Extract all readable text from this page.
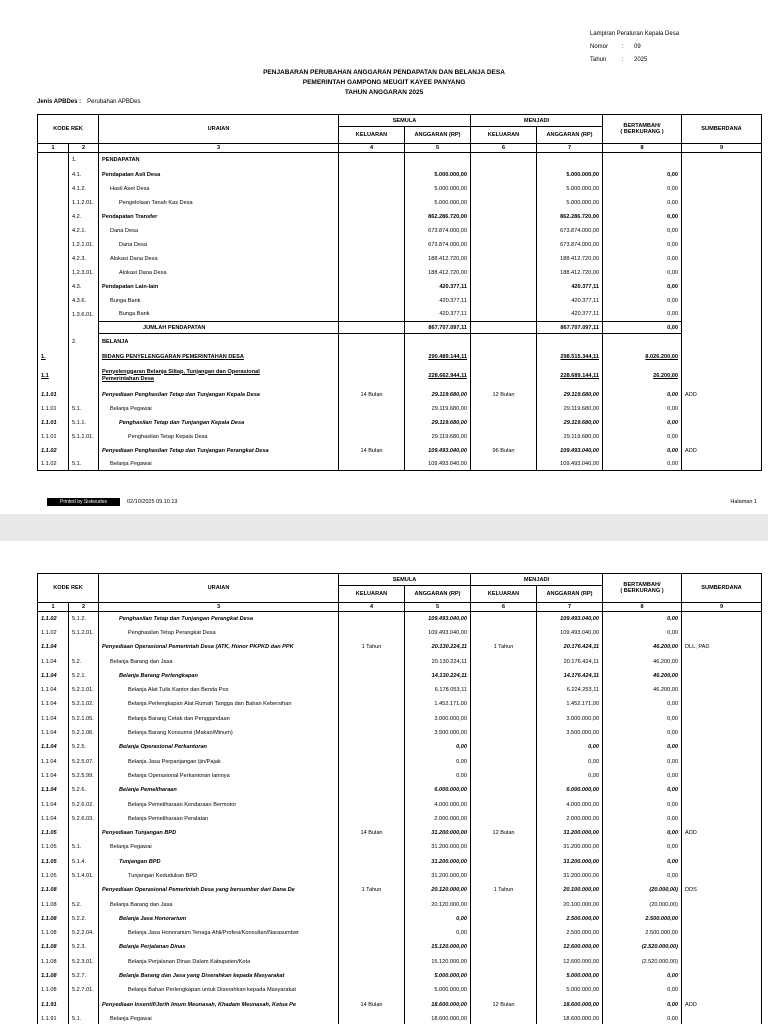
Lampiran Peraturan Kepala Desa
Nomor : 09
Tahun	: 2025
PENJABARAN PERUBAHAN ANGGARAN PENDAPATAN DAN BELANJA DESA
PEMERINTAH GAMPONG MEUGIT KAYEE PANYANG
TAHUN ANGGARAN 2025
Jenis APBDes : Perubahan APBDes
KODE REK		URAIAN	SEMULA		MENJADI		BERTAMBAH/
( BERKURANG )	SUMBERDANA
			KELUARAN	ANGGARAN (RP)	KELUARAN	ANGGARAN (RP)		
1	2	3	4	5	6	7	8	9
	1.	PENDAPATAN						

	4.1.	Pendapatan Asli Desa		5.000.000,00		5.000.000,00	0,00	
	4.1.2.	Hasil Aset Desa		5.000.000,00		5.000.000,00	0,00	
	1.1.2.01.	Pengelolaan Tanah Kas Desa		5.000.000,00		5.000.000,00	0,00	
	4.2.	Pendapatan Transfer		862.286.720,00		862.286.720,00	0,00	
	4.2.1.	Dana Desa		673.874.000,00		673.874.000,00	0,00	
	1.2.1.01.	Dana Desa		673.874.000,00		673.874.000,00	0,00	
	4.2.3.	Alokasi Dana Desa		188.412.720,00		188.412.720,00	0,00	
	1.2.3.01.	Alokasi Dana Desa		188.412.720,00		188.412.720,00	0,00	
	4.3.	Pendapatan Lain-lain		420.377,11		420.377,11	0,00	
	4.3.6.	Bunga Bank		420.377,11		420.377,11	0,00	
	1.3.6.01.	Bunga Bank		420.377,11		420.377,11	0,00	

		JUMLAH PENDAPATAN		867.707.097,11		867.707.097,11	0,00	
	2.	BELANJA						

1.		BIDANG PENYELENGGARAN PEMERINTAHAN DESA		290.489.144,11		298.515.344,11	8.026.200,00	
1.1		Penyelenggaran Belanja Siltap, Tunjangan dan Operasional
Pemerintahan Desa		228.662.944,11		228.689.144,11	26.200,00	
1.1.01		Penyediaan Penghasilan Tetap dan Tunjangan Kepala Desa	14 Bulan	29.119.680,00	12 Bulan	29.119.680,00	0,00	ADD
1.1.01	5.1.	Belanja Pegawai		29.119.680,00		29.119.680,00	0,00	
1.1.01	5.1.1.	Penghasilan Tetap dan Tunjangan Kepala Desa		29.119.680,00		29.119.680,00	0,00	
1.1.01	5.1.1.01.	Penghasilan Tetap Kepala Desa		29.119.680,00		29.119.680,00	0,00	
1.1.02		Penyediaan Penghasilan Tetap dan Tunjangan Perangkat Desa	14 Bulan	109.493.040,00	96 Bulan	109.493.040,00	0,00	ADD
1.1.02	5.1.	Belanja Pegawai		109.493.040,00		109.493.040,00	0,00	
Printed by Siskeudes	02/10/2025 09.10.13	Halaman 1
KODE REK		URAIAN	SEMULA		MENJADI		BERTAMBAH/
( BERKURANG )	SUMBERDANA
			KELUARAN	ANGGARAN (RP)	KELUARAN	ANGGARAN (RP)		
1	2	3	4	5	6	7	8	9
1.1.02	5.1.2.	Penghasilan Tetap dan Tunjangan Perangkat Desa		109.493.040,00		109.493.040,00	0,00	
1.1.02	5.1.2.01.	Penghasilan Tetap Perangkat Desa		109.493.040,00		109.493.040,00	0,00	
1.1.04		Penyediaan Operasional Pemerintah Desa (ATK, Honor PKPKD dan PPK	1 Tahun	20.130.224,11	1 Tahun	20.176.424,11	46.200,00	DLL, PAD
1.1.04	5.2.	Belanja Barang dan Jasa		20.130.224,11		20.176.424,11	46.200,00	
1.1.04	5.2.1.	Belanja Barang Perlengkapan		14.130.224,11		14.176.424,11	46.200,00	
1.1.04	5.2.1.01.	Belanja Alat Tulis Kantor dan Benda Pos		6.178.053,11		6.224.253,11	46.200,00	
1.1.04	5.2.1.02.	Belanja Perlengkapan Alat Rumah Tangga dan Bahan Kebersihan		1.452.171,00		1.452.171,00	0,00	
1.1.04	5.2.1.05.	Belanja Barang Cetak dan Penggandaan		3.000.000,00		3.000.000,00	0,00	
1.1.04	5.2.1.06.	Belanja Barang Konsumsi (Makan/Minum)		3.500.000,00		3.500.000,00	0,00	
1.1.04	5.2.5.	Belanja Operasional Perkantoran		0,00		0,00	0,00	
1.1.04	5.2.5.07.	Belanja Jasa Perpanjangan Ijin/Pajak		0,00		0,00	0,00	
1.1.04	5.2.5.99.	Belanja Operasional Perkantoran lainnya		0,00		0,00	0,00	
1.1.04	5.2.6.	Belanja Pemeliharaan		6.000.000,00		6.000.000,00	0,00	
1.1.04	5.2.6.02.	Belanja Pemeliharaan Kendaraan Bermotor		4.000.000,00		4.000.000,00	0,00	
1.1.04	5.2.6.03.	Belanja Pemeliharaan Peralatan		2.000.000,00		2.000.000,00	0,00	
1.1.05		Penyediaan Tunjangan BPD	14 Bulan	31.200.000,00	12 Bulan	31.200.000,00	0,00	ADD
1.1.05	5.1.	Belanja Pegawai		31.200.000,00		31.200.000,00	0,00	
1.1.05	5.1.4.	Tunjangan BPD		31.200.000,00		31.200.000,00	0,00	
1.1.05	5.1.4.01.	Tunjangan Kedudukan BPD		31.200.000,00		31.200.000,00	0,00	
1.1.08		Penyediaan Operasional Pemerintah Desa yang bersumber dari Dana De	1 Tahun	20.120.000,00	1 Tahun	20.100.000,00	(20.000,00)	DDS
1.1.08	5.2.	Belanja Barang dan Jasa		20.120.000,00		20.100.000,00	(20.000,00)	
1.1.08	5.2.2.	Belanja Jasa Honorarium		0,00		2.500.000,00	2.500.000,00	
1.1.08	5.2.2.04.	Belanja Jasa Honorarium Tenaga Ahli/Profesi/Konsultan/Narasumber		0,00		2.500.000,00	2.500.000,00	
1.1.08	5.2.3.	Belanja Perjalanan Dinas		15.120.000,00		12.600.000,00	(2.520.000,00)	
1.1.08	5.2.3.01.	Belanja Perjalanan Dinas Dalam Kabupaten/Kota		15.120.000,00		12.600.000,00	(2.520.000,00)	
1.1.08	5.2.7.	Belanja Barang dan Jasa yang Diserahkan kepada Masyarakat		5.000.000,00		5.000.000,00	0,00	
1.1.08	5.2.7.01.	Belanja Bahan Perlengkapan untuk Diserahkan kepada Masyarakat		5.000.000,00		5.000.000,00	0,00	
1.1.91		Penyediaan Insentif/Jerih Imum Meunasah, Khadam Meunasah, Ketua Pe	14 Bulan	18.600.000,00	12 Bulan	18.600.000,00	0,00	ADD
1.1.91	5.1.	Belanja Pegawai		18.600.000,00		18.600.000,00	0,00	
